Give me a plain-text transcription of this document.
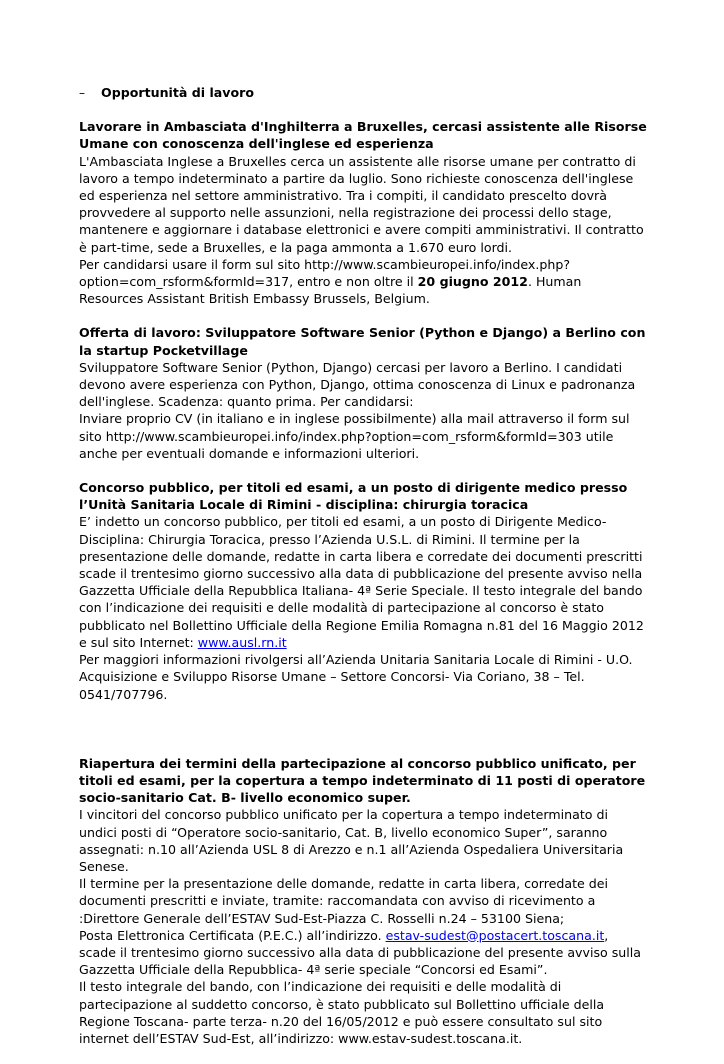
–	Opportunità di lavoro
Lavorare in Ambasciata d'Inghilterra a Bruxelles, cercasi assistente alle Risorse Umane con conoscenza dell'inglese ed esperienza

L'Ambasciata Inglese a Bruxelles cerca un assistente alle risorse umane per contratto di lavoro a tempo indeterminato a partire da luglio. Sono richieste conoscenza dell'inglese ed esperienza nel settore amministrativo. Tra i compiti, il candidato prescelto dovrà provvedere al supporto nelle assunzioni, nella registrazione dei processi dello stage, mantenere e aggiornare i database elettronici e avere compiti amministrativi. Il contratto è part-time, sede a Bruxelles, e la paga ammonta a 1.670 euro lordi.

Per candidarsi usare il form sul sito http://www.scambieuropei.info/index.php?option=com_rsform&formId=317, entro e non oltre il 20 giugno 2012. Human Resources Assistant British Embassy Brussels, Belgium.

Offerta di lavoro: Sviluppatore Software Senior (Python e Django) a Berlino con la startup Pocketvillage

Sviluppatore Software Senior (Python, Django) cercasi per lavoro a Berlino. I candidati devono avere esperienza con Python, Django, ottima conoscenza di Linux e padronanza dell'inglese. Scadenza: quanto prima. Per candidarsi:

Inviare proprio CV (in italiano e in inglese possibilmente) alla mail attraverso il form sul sito http://www.scambieuropei.info/index.php?option=com_rsform&formId=303 utile anche per eventuali domande e informazioni ulteriori.

Concorso pubblico, per titoli ed esami, a un posto di dirigente medico presso l’Unità Sanitaria Locale di Rimini - disciplina: chirurgia toracica

E’ indetto un concorso pubblico, per titoli ed esami, a un posto di Dirigente Medico-Disciplina: Chirurgia Toracica, presso l’Azienda U.S.L. di Rimini. Il termine per la presentazione delle domande, redatte in carta libera e corredate dei documenti prescritti scade il trentesimo giorno successivo alla data di pubblicazione del presente avviso nella Gazzetta Ufficiale della Repubblica Italiana- 4ª Serie Speciale. Il testo integrale del bando con l’indicazione dei requisiti e delle modalità di partecipazione al concorso è stato pubblicato nel Bollettino Ufficiale della Regione Emilia Romagna n.81 del 16 Maggio 2012 e sul sito Internet: www.ausl.rn.it

Per maggiori informazioni rivolgersi all’Azienda Unitaria Sanitaria Locale di Rimini - U.O. Acquisizione e Sviluppo Risorse Umane – Settore Concorsi- Via Coriano, 38 – Tel. 0541/707796.

Riapertura dei termini della partecipazione al concorso pubblico unificato, per titoli ed esami, per la copertura a tempo indeterminato di 11 posti di operatore socio-sanitario Cat. B- livello economico super.

I vincitori del concorso pubblico unificato per la copertura a tempo indeterminato di undici posti di “Operatore socio-sanitario, Cat. B, livello economico Super”, saranno assegnati: n.10 all’Azienda USL 8 di Arezzo e n.1 all’Azienda Ospedaliera Universitaria Senese.

Il termine per la presentazione delle domande, redatte in carta libera, corredate dei documenti prescritti e inviate, tramite: raccomandata con avviso di ricevimento a :Direttore Generale dell’ESTAV Sud-Est-Piazza C. Rosselli n.24 – 53100 Siena;

Posta Elettronica Certificata (P.E.C.) all’indirizzo. estav-sudest@postacert.toscana.it,

scade il trentesimo giorno successivo alla data di pubblicazione del presente avviso sulla Gazzetta Ufficiale della Repubblica- 4ª serie speciale “Concorsi ed Esami”.

Il testo integrale del bando, con l’indicazione dei requisiti e delle modalità di partecipazione al suddetto concorso, è stato pubblicato sul Bollettino ufficiale della Regione Toscana- parte terza- n.20 del 16/05/2012 e può essere consultato sul sito internet dell’ESTAV Sud-Est, all’indirizzo: www.estav-sudest.toscana.it.
